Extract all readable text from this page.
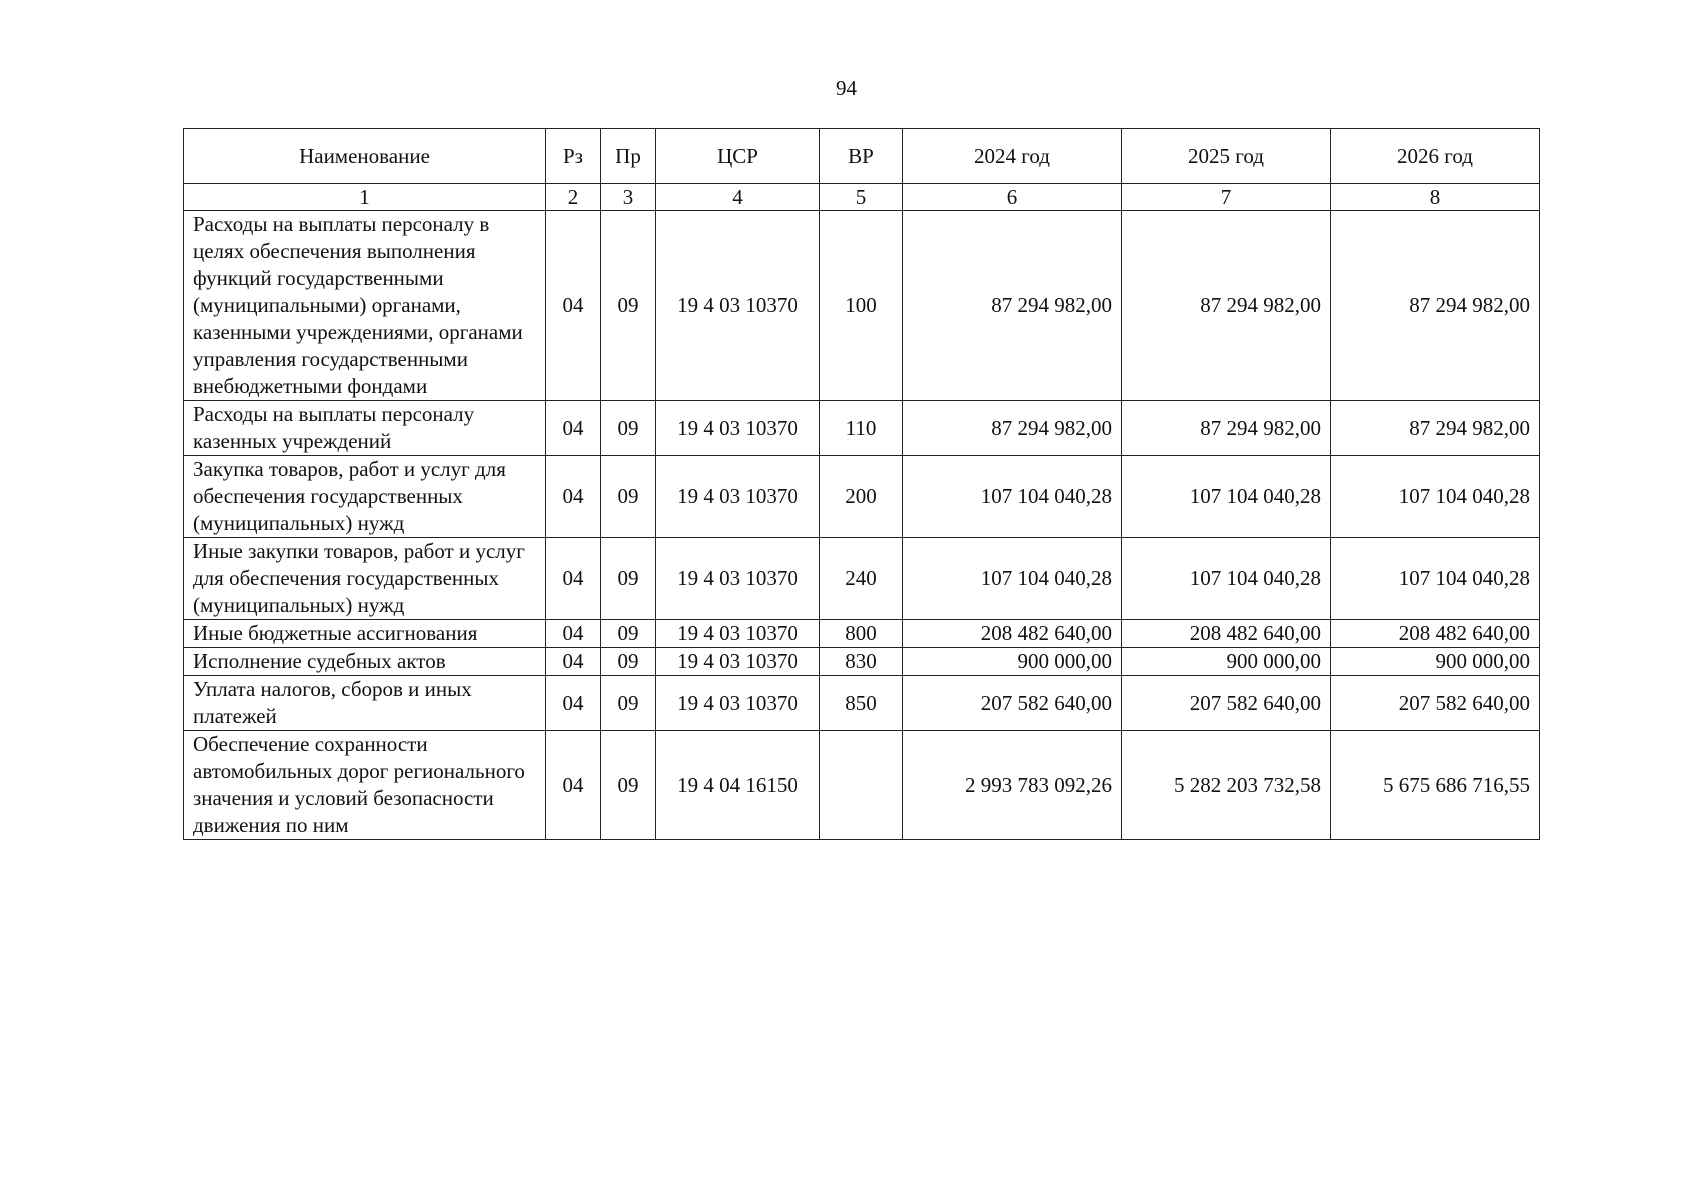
94
Наименование	Рз	Пр	ЦСР	ВР	2024 год	2025 год	2026 год
1	2	3	4	5	6	7	8
Расходы на выплаты персоналу в целях обеспечения выполнения функций государственными (муниципальными) органами, казенными учреждениями, органами управления государственными внебюджетными фондами	04	09	19 4 03 10370	100	87 294 982,00	87 294 982,00	87 294 982,00
Расходы на выплаты персоналу казенных учреждений	04	09	19 4 03 10370	110	87 294 982,00	87 294 982,00	87 294 982,00
Закупка товаров, работ и услуг для обеспечения государственных (муниципальных) нужд	04	09	19 4 03 10370	200	107 104 040,28	107 104 040,28	107 104 040,28
Иные закупки товаров, работ и услуг для обеспечения государственных (муниципальных) нужд	04	09	19 4 03 10370	240	107 104 040,28	107 104 040,28	107 104 040,28
Иные бюджетные ассигнования	04	09	19 4 03 10370	800	208 482 640,00	208 482 640,00	208 482 640,00
Исполнение судебных актов	04	09	19 4 03 10370	830	900 000,00	900 000,00	900 000,00
Уплата налогов, сборов и иных платежей	04	09	19 4 03 10370	850	207 582 640,00	207 582 640,00	207 582 640,00
Обеспечение сохранности автомобильных дорог регионального значения и условий безопасности движения по ним	04	09	19 4 04 16150		2 993 783 092,26	5 282 203 732,58	5 675 686 716,55
